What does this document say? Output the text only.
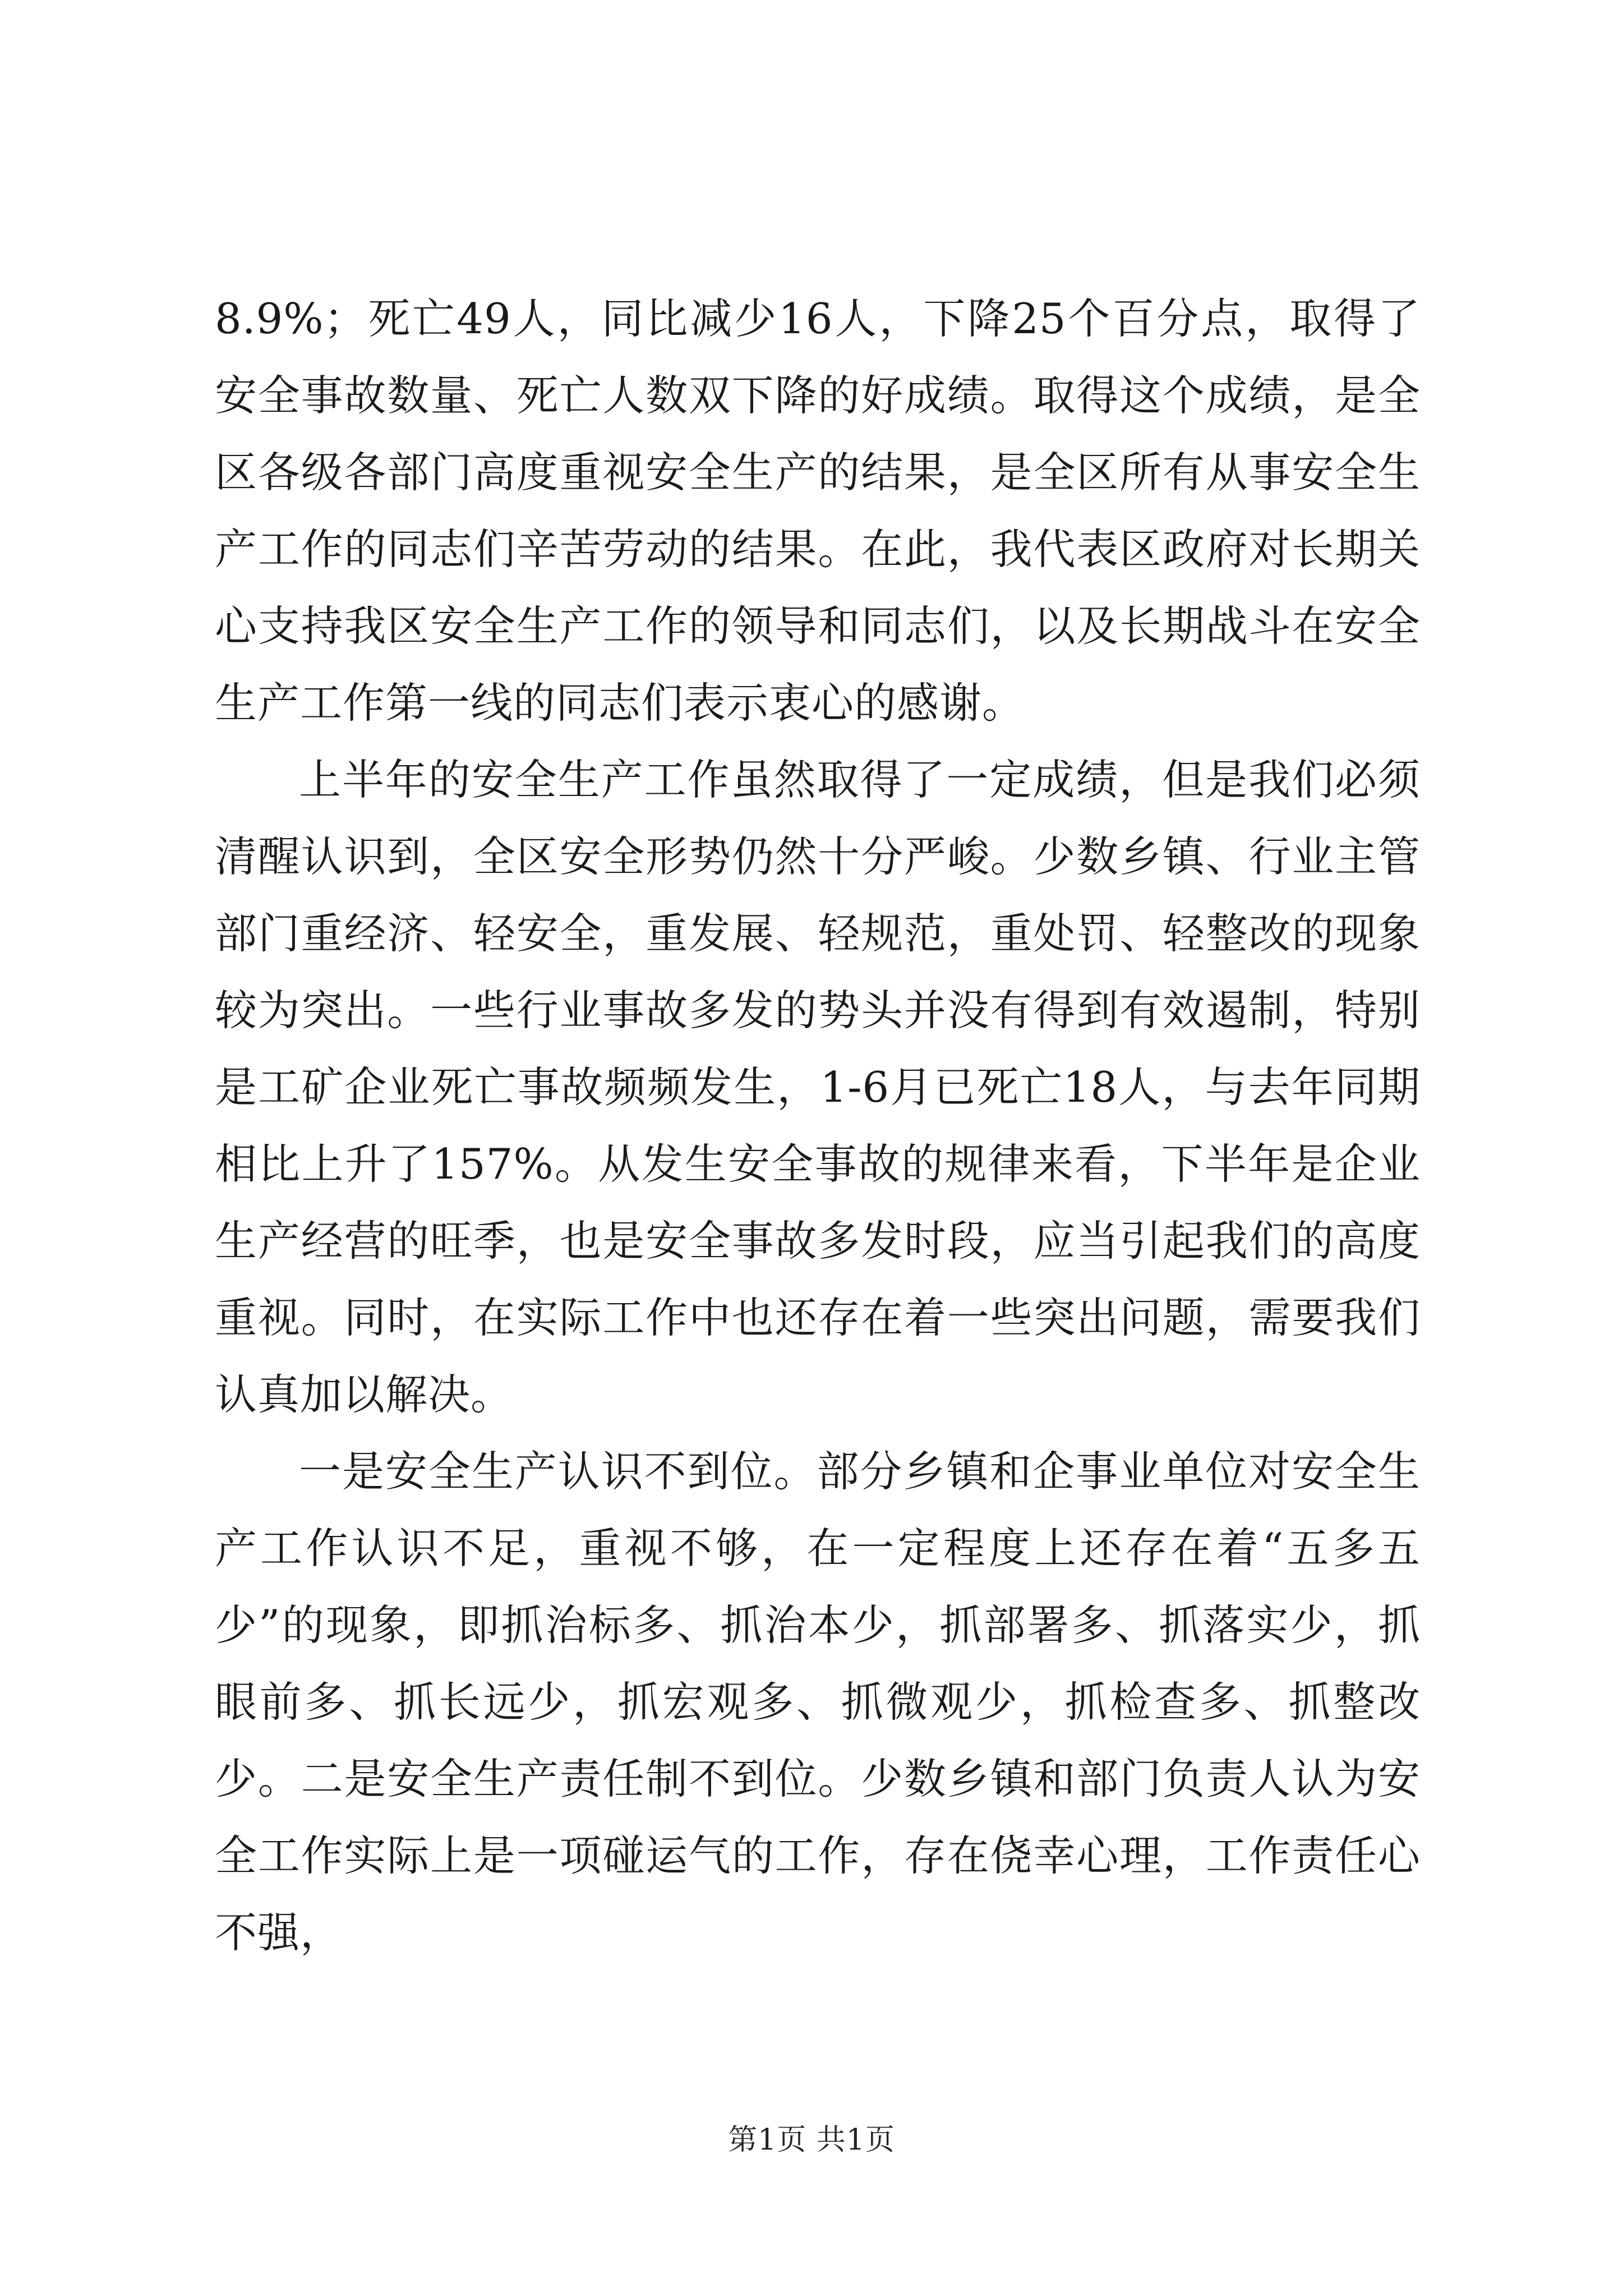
8.9%；死亡49人，同比减少16人，下降25个百分点，取得了安全事故数量、死亡人数双下降的好成绩。取得这个成绩，是全区各级各部门高度重视安全生产的结果，是全区所有从事安全生产工作的同志们辛苦劳动的结果。在此，我代表区政府对长期关心支持我区安全生产工作的领导和同志们，以及长期战斗在安全生产工作第一线的同志们表示衷心的感谢。

上半年的安全生产工作虽然取得了一定成绩，但是我们必须清醒认识到，全区安全形势仍然十分严峻。少数乡镇、行业主管部门重经济、轻安全，重发展、轻规范，重处罚、轻整改的现象较为突出。一些行业事故多发的势头并没有得到有效遏制，特别是工矿企业死亡事故频频发生，1-6月已死亡18人，与去年同期相比上升了157%。从发生安全事故的规律来看，下半年是企业生产经营的旺季，也是安全事故多发时段，应当引起我们的高度重视。同时，在实际工作中也还存在着一些突出问题，需要我们认真加以解决。

一是安全生产认识不到位。部分乡镇和企事业单位对安全生产工作认识不足，重视不够，在一定程度上还存在着“五多五少”的现象，即抓治标多、抓治本少，抓部署多、抓落实少，抓眼前多、抓长远少，抓宏观多、抓微观少，抓检查多、抓整改少。二是安全生产责任制不到位。少数乡镇和部门负责人认为安全工作实际上是一项碰运气的工作，存在侥幸心理，工作责任心不强，

第1页 共1页
